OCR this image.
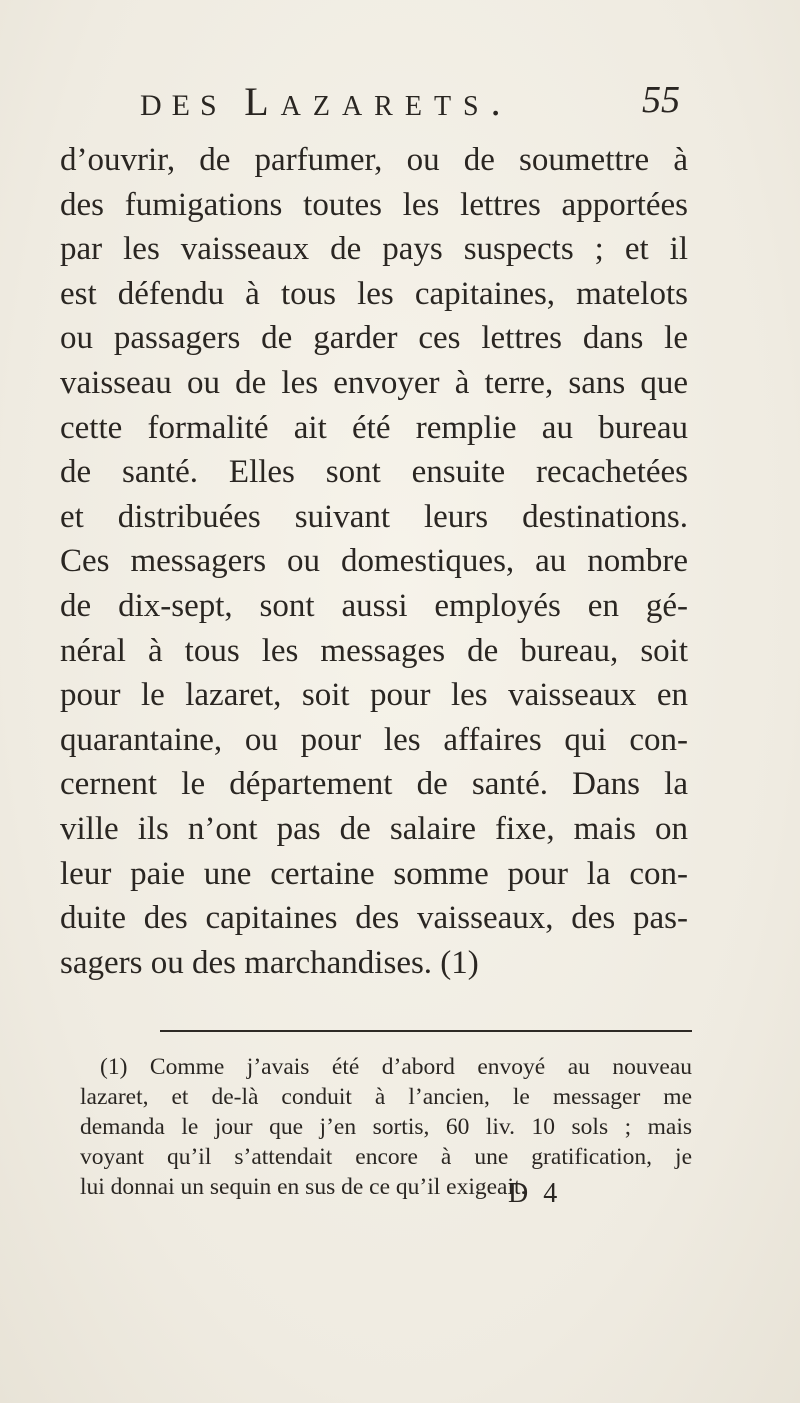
DES Lazarets.	55
d’ouvrir, de parfumer, ou de soumettre à
des fumigations toutes les lettres apportées
par les vaisseaux de pays suspects ; et il
est défendu à tous les capitaines, matelots
ou passagers de garder ces lettres dans le
vaisseau ou de les envoyer à terre, sans que
cette formalité ait été remplie au bureau
de santé. Elles sont ensuite recachetées
et distribuées suivant leurs destinations.
Ces messagers ou domestiques, au nombre
de dix-sept, sont aussi employés en gé-
néral à tous les messages de bureau, soit
pour le lazaret, soit pour les vaisseaux en
quarantaine, ou pour les affaires qui con-
cernent le département de santé. Dans la
ville ils n’ont pas de salaire fixe, mais on
leur paie une certaine somme pour la con-
duite des capitaines des vaisseaux, des pas-
sagers ou des marchandises. (1)
(1) Comme j’avais été d’abord envoyé au nouveau
lazaret, et de-là conduit à l’ancien, le messager me
demanda le jour que j’en sortis, 60 liv. 10 sols ; mais
voyant qu’il s’attendait encore à une gratification, je
lui donnai un sequin en sus de ce qu’il exigeait.
D 4
